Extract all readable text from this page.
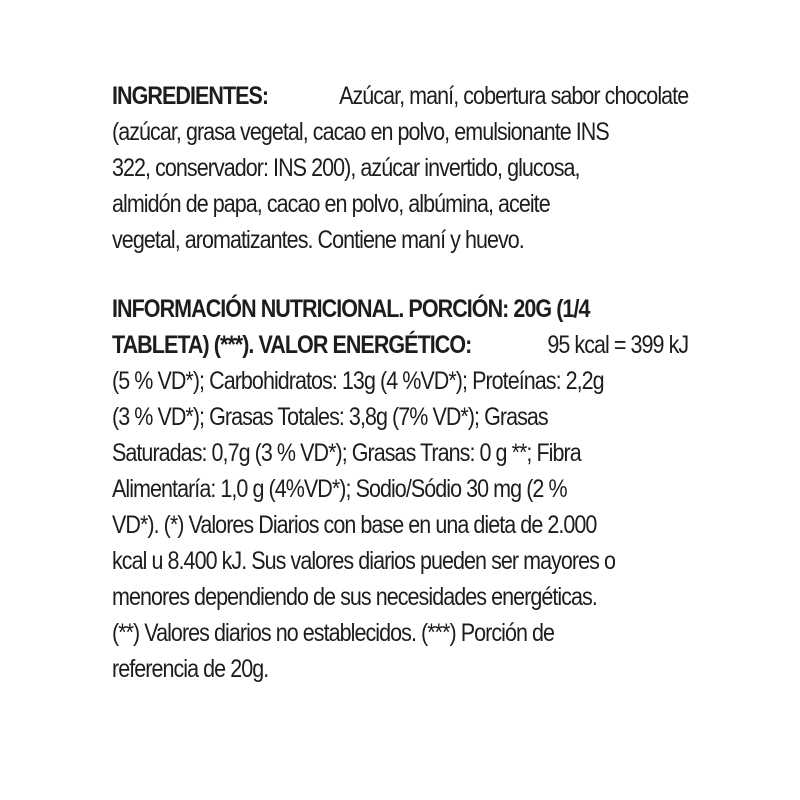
INGREDIENTES:	Azúcar, maní, cobertura sabor chocolate
(azúcar, grasa vegetal, cacao en polvo, emulsionante INS
322, conservador: INS 200), azúcar invertido, glucosa,
almidón de papa, cacao en polvo, albúmina, aceite
vegetal, aromatizantes. Contiene maní y huevo.
INFORMACIÓN NUTRICIONAL. PORCIÓN: 20G (1/4
TABLETA) (***). VALOR ENERGÉTICO:	95 kcal = 399 kJ
(5 % VD*); Carbohidratos: 13g (4 %VD*); Proteínas: 2,2g
(3 % VD*); Grasas Totales: 3,8g (7% VD*); Grasas
Saturadas: 0,7g (3 % VD*); Grasas Trans: 0 g **; Fibra
Alimentaría: 1,0 g (4%VD*); Sodio/Sódio 30 mg (2 %
VD*). (*) Valores Diarios con base en una dieta de 2.000
kcal u 8.400 kJ. Sus valores diarios pueden ser mayores o
menores dependiendo de sus necesidades energéticas.
(**) Valores diarios no establecidos. (***) Porción de
referencia de 20g.
